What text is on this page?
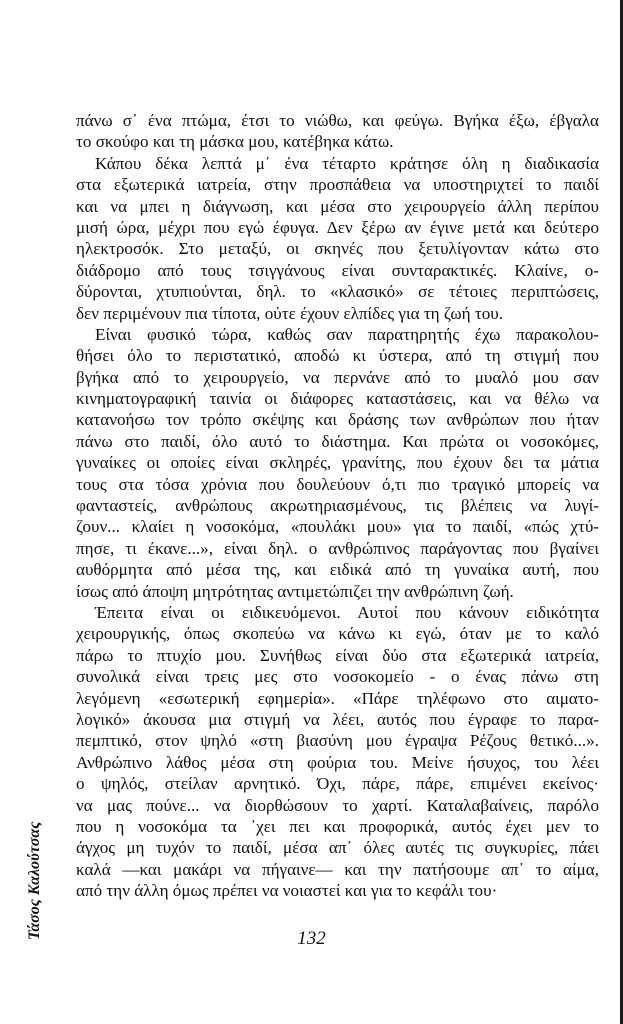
πάνω σ᾽ ένα πτώμα, έτσι το νιώθω, και φεύγω. Βγήκα έξω, έβγαλα
το σκούφο και τη μάσκα μου, κατέβηκα κάτω.
Κάπου δέκα λεπτά μ᾽ ένα τέταρτο κράτησε όλη η διαδικασία
στα εξωτερικά ιατρεία, στην προσπάθεια να υποστηριχτεί το παιδί
και να μπει η διάγνωση, και μέσα στο χειρουργείο άλλη περίπου
μισή ώρα, μέχρι που εγώ έφυγα. Δεν ξέρω αν έγινε μετά και δεύτερο
ηλεκτροσόκ. Στο μεταξύ, οι σκηνές που ξετυλίγονταν κάτω στο
διάδρομο από τους τσιγγάνους είναι συνταρακτικές. Κλαίνε, ο-
δύρονται, χτυπιούνται, δηλ. το «κλασικό» σε τέτοιες περιπτώσεις,
δεν περιμένουν πια τίποτα, ούτε έχουν ελπίδες για τη ζωή του.
Είναι φυσικό τώρα, καθώς σαν παρατηρητής έχω παρακολου-
θήσει όλο το περιστατικό, αποδώ κι ύστερα, από τη στιγμή που
βγήκα από το χειρουργείο, να περνάνε από το μυαλό μου σαν
κινηματογραφική ταινία οι διάφορες καταστάσεις, και να θέλω να
κατανοήσω τον τρόπο σκέψης και δράσης των ανθρώπων που ήταν
πάνω στο παιδί, όλο αυτό το διάστημα. Και πρώτα οι νοσοκόμες,
γυναίκες οι οποίες είναι σκληρές, γρανίτης, που έχουν δει τα μάτια
τους στα τόσα χρόνια που δουλεύουν ό,τι πιο τραγικό μπορείς να
φανταστείς, ανθρώπους ακρωτηριασμένους, τις βλέπεις να λυγί-
ζουν... κλαίει η νοσοκόμα, «πουλάκι μου» για το παιδί, «πώς χτύ-
πησε, τι έκανε...», είναι δηλ. ο ανθρώπινος παράγοντας που βγαίνει
αυθόρμητα από μέσα της, και ειδικά από τη γυναίκα αυτή, που
ίσως από άποψη μητρότητας αντιμετώπιζει την ανθρώπινη ζωή.
Έπειτα είναι οι ειδικευόμενοι. Αυτοί που κάνουν ειδικότητα
χειρουργικής, όπως σκοπεύω να κάνω κι εγώ, όταν με το καλό
πάρω το πτυχίο μου. Συνήθως είναι δύο στα εξωτερικά ιατρεία,
συνολικά είναι τρεις μες στο νοσοκομείο - ο ένας πάνω στη
λεγόμενη «εσωτερική εφημερία». «Πάρε τηλέφωνο στο αιματο-
λογικό» άκουσα μια στιγμή να λέει, αυτός που έγραφε το παρα-
πεμπτικό, στον ψηλό «στη βιασύνη μου έγραψα Ρέζους θετικό...».
Ανθρώπινο λάθος μέσα στη φούρια του. Μείνε ήσυχος, του λέει
ο ψηλός, στείλαν αρνητικό. Όχι, πάρε, πάρε, επιμένει εκείνος·
να μας πούνε... να διορθώσουν το χαρτί. Καταλαβαίνεις, παρόλο
που η νοσοκόμα τα ᾽χει πει και προφορικά, αυτός έχει μεν το
άγχος μη τυχόν το παιδί, μέσα απ᾽ όλες αυτές τις συγκυρίες, πάει
καλά —και μακάρι να πήγαινε— και την πατήσουμε απ᾽ το αίμα,
από την άλλη όμως πρέπει να νοιαστεί και για το κεφάλι του·
132
Τάσος Καλούτσας
